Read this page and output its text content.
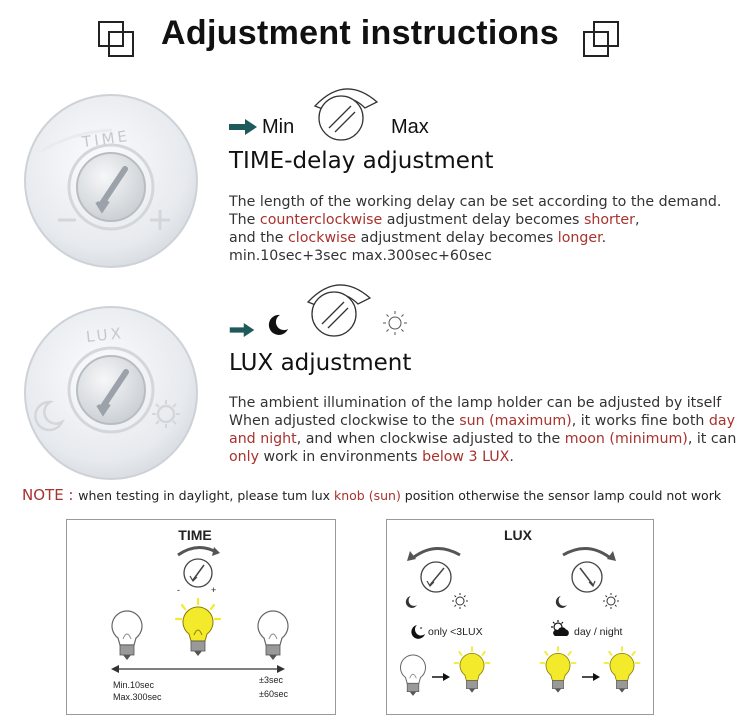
Adjustment instructions
TIME	Min	Max
TIME-delay adjustment

The length of the working delay can be set according to the demand.

The counterclockwise adjustment delay becomes shorter,

and the clockwise adjustment delay becomes longer.

min.10sec+3sec max.300sec+60sec

LUX
LUX adjustment

The ambient illumination of the lamp holder can be adjusted by itself

When adjusted clockwise to the sun (maximum), it works fine both day

and night, and when clockwise adjusted to the moon (minimum), it can

only work in environments below 3 LUX.

NOTE : when testing in daylight, please tum lux knob (sun) position otherwise the sensor lamp could not work
TIME
-	+
Min.10sec
Max.300sec
±3sec
±60sec
LUX
only <3LUX	day / night
